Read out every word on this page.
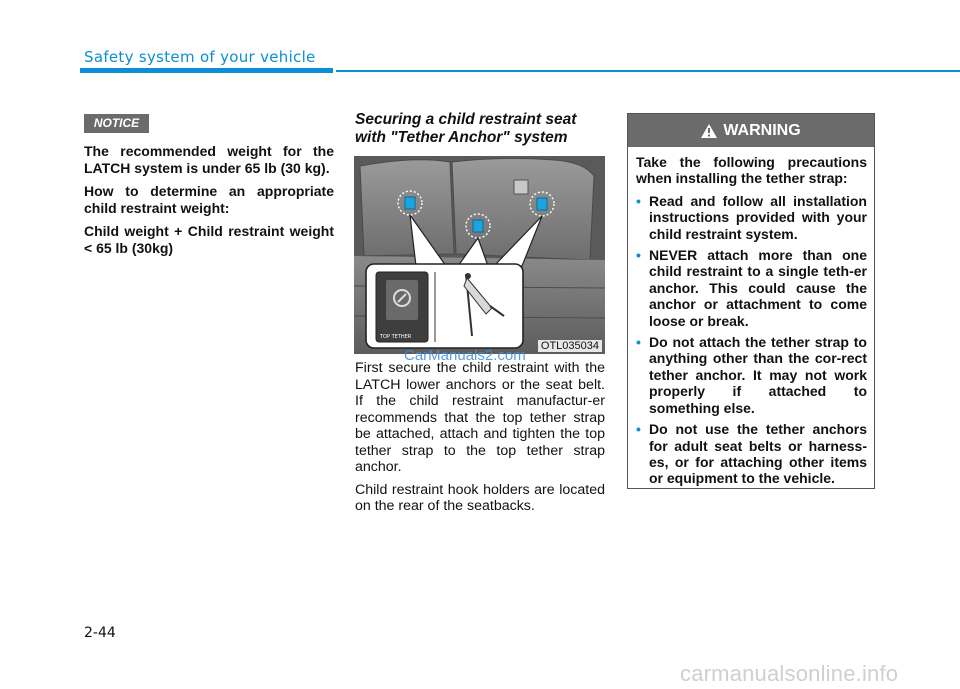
Safety system of your vehicle
NOTICE

The recommended weight for the LATCH system is under 65 lb (30 kg).

How to determine an appropriate child restraint weight:

Child weight + Child restraint weight < 65 lb (30kg)

Securing a child restraint seat with "Tether Anchor" system
TOP TETHER
OTL035034
CarManuals2.com

First secure the child restraint with the LATCH lower anchors or the seat belt. If the child restraint manufactur-er recommends that the top tether strap be attached, attach and tighten the top tether strap to the top tether strap anchor.

Child restraint hook holders are located on the rear of the seatbacks.

WARNING

Take the following precautions when installing the tether strap:

• Read and follow all installation instructions provided with your child restraint system.
• NEVER attach more than one child restraint to a single teth-er anchor. This could cause the anchor or attachment to come loose or break.
• Do not attach the tether strap to anything other than the cor-rect tether anchor. It may not work properly if attached to something else.
• Do not use the tether anchors for adult seat belts or harness-es, or for attaching other items or equipment to the vehicle.
2-44
carmanualsonline.info
